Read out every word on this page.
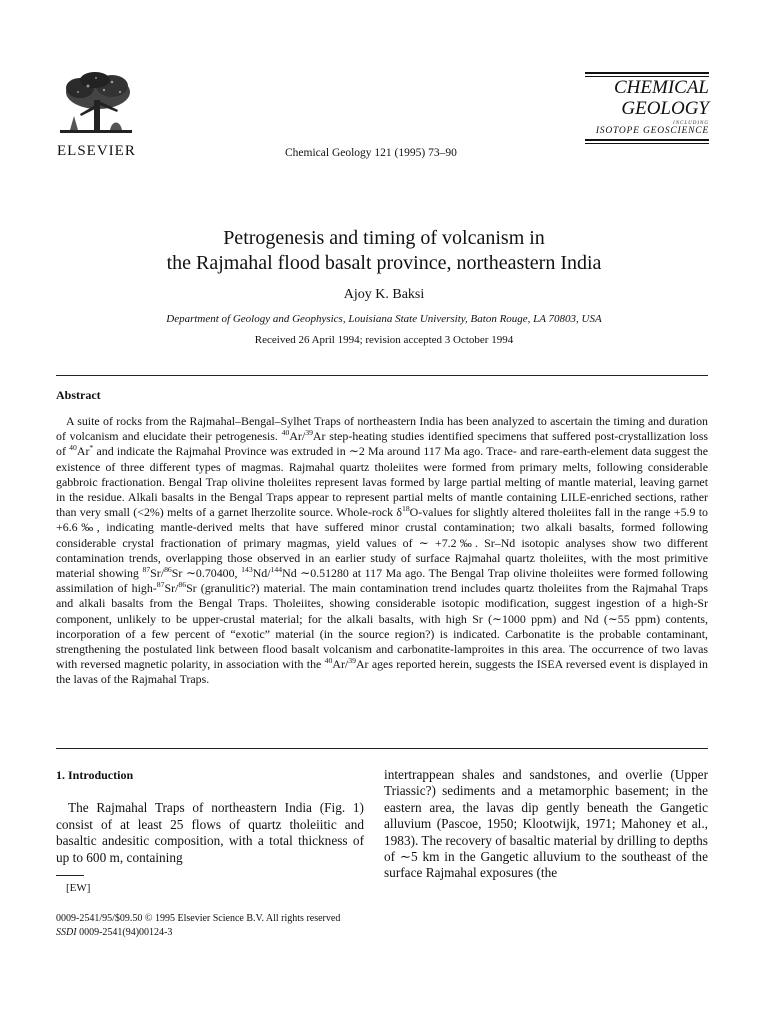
ELSEVIER	Chemical Geology 121 (1995) 73–90
CHEMICAL
GEOLOGY
INCLUDING
ISOTOPE GEOSCIENCE
Petrogenesis and timing of volcanism in
the Rajmahal flood basalt province, northeastern India
Ajoy K. Baksi
Department of Geology and Geophysics, Louisiana State University, Baton Rouge, LA 70803, USA
Received 26 April 1994; revision accepted 3 October 1994
Abstract
A suite of rocks from the Rajmahal–Bengal–Sylhet Traps of northeastern India has been analyzed to ascertain the timing and duration of volcanism and elucidate their petrogenesis. $^{40}$Ar/$^{39}$Ar step-heating studies identified specimens that suffered post-crystallization loss of $^{40}$Ar* and indicate the Rajmahal Province was extruded in ∼2 Ma around 117 Ma ago. Trace- and rare-earth-element data suggest the existence of three different types of magmas. Rajmahal quartz tholeiites were formed from primary melts, following considerable gabbroic fractionation. Bengal Trap olivine tholeiites represent lavas formed by large partial melting of mantle material, leaving garnet in the residue. Alkali basalts in the Bengal Traps appear to represent partial melts of mantle containing LILE-enriched sections, rather than very small (<2%) melts of a garnet lherzolite source. Whole-rock $\delta^{18}O$-values for slightly altered tholeiites fall in the range +5.9 to +6.6‰, indicating mantle-derived melts that have suffered minor crustal contamination; two alkali basalts, formed following considerable crystal fractionation of primary magmas, yield values of ∼ +7.2‰. Sr–Nd isotopic analyses show two different contamination trends, overlapping those observed in an earlier study of surface Rajmahal quartz tholeiites, with the most primitive material showing $^{87}$Sr/$^{86}$Sr ∼0.70400, $^{143}$Nd/$^{144}$Nd ∼0.51280 at 117 Ma ago. The Bengal Trap olivine tholeiites were formed following assimilation of high-$^{87}$Sr/$^{86}$Sr (granulitic?) material. The main contamination trend includes quartz tholeiites from the Rajmahal Traps and alkali basalts from the Bengal Traps. Tholeiites, showing considerable isotopic modification, suggest ingestion of a high-Sr component, unlikely to be upper-crustal material; for the alkali basalts, with high Sr (∼1000 ppm) and Nd (∼55 ppm) contents, incorporation of a few percent of “exotic” material (in the source region?) is indicated. Carbonatite is the probable contaminant, strengthening the postulated link between flood basalt volcanism and carbonatite-lamproites in this area. The occurrence of two lavas with reversed magnetic polarity, in association with the $^{40}$Ar/$^{39}$Ar ages reported herein, suggests the ISEA reversed event is displayed in the lavas of the Rajmahal Traps.
1. Introduction
The Rajmahal Traps of northeastern India (Fig. 1) consist of at least 25 flows of quartz tholeiitic and basaltic andesitic composition, with a total thickness of up to 600 m, containing
intertrappean shales and sandstones, and overlie (Upper Triassic?) sediments and a metamorphic basement; in the eastern area, the lavas dip gently beneath the Gangetic alluvium (Pascoe, 1950; Klootwijk, 1971; Mahoney et al., 1983). The recovery of basaltic material by drilling to depths of ∼5 km in the Gangetic alluvium to the southeast of the surface Rajmahal exposures (the
[EW]
0009-2541/95/$09.50 © 1995 Elsevier Science B.V. All rights reserved
SSDI 0009-2541(94)00124-3
